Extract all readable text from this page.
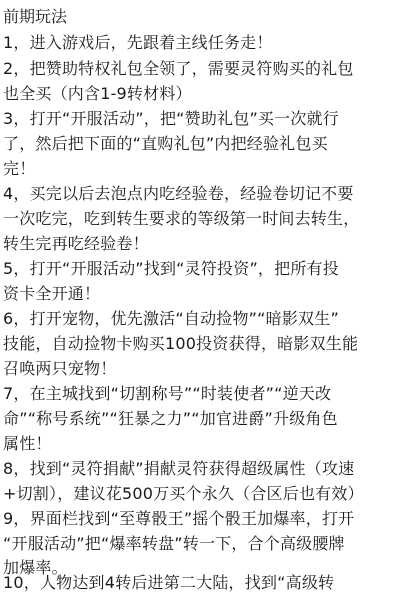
前期玩法
1，进入游戏后，先跟着主线任务走！
2，把赞助特权礼包全领了，需要灵符购买的礼包
也全买（内含1-9转材料）
3，打开“开服活动”，把“赞助礼包”买一次就行
了，然后把下面的“直购礼包”内把经验礼包买
完！
4，买完以后去泡点内吃经验卷，经验卷切记不要
一次吃完，吃到转生要求的等级第一时间去转生，
转生完再吃经验卷！
5，打开“开服活动”找到“灵符投资”，把所有投
资卡全开通！
6，打开宠物，优先激活“自动捡物”“暗影双生”
技能，自动捡物卡购买100投资获得，暗影双生能
召唤两只宠物！
7，在主城找到“切割称号”“时装使者”“逆天改
命”“称号系统”“狂暴之力”“加官进爵”升级角色
属性！
8，找到“灵符捐献”捐献灵符获得超级属性（攻速
+切割），建议花500万买个永久（合区后也有效）
9，界面栏找到“至尊骰王”摇个骰王加爆率，打开
“开服活动”把“爆率转盘”转一下，合个高级腰牌
加爆率。
10，人物达到4转后进第二大陆，找到“高级转
